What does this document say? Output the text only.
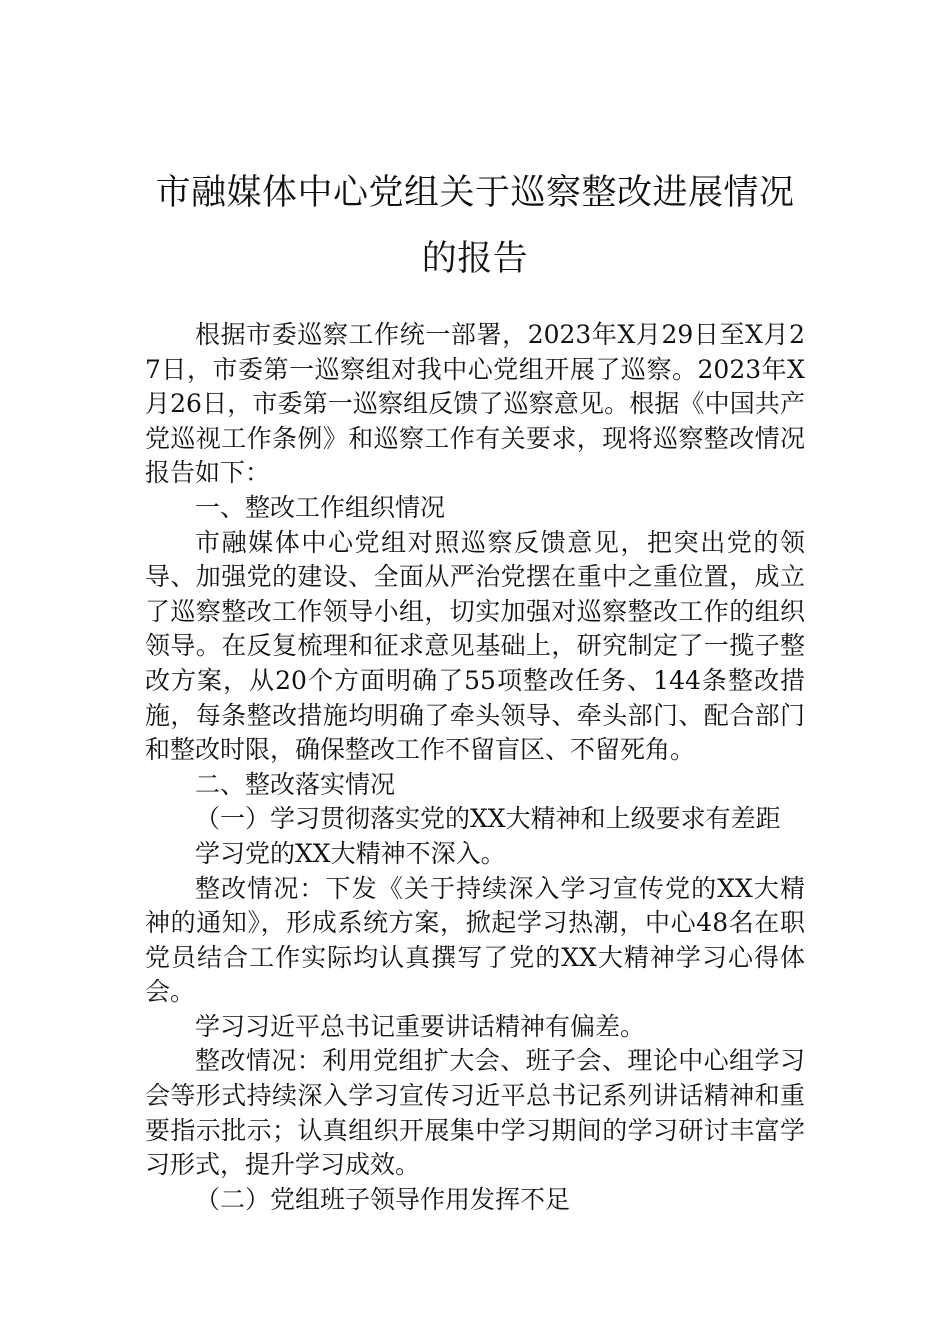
市融媒体中心党组关于巡察整改进展情况
的报告

根据市委巡察工作统一部署，2023年X月29日至X月27日，市委第一巡察组对我中心党组开展了巡察。2023年X月26日，市委第一巡察组反馈了巡察意见。根据《中国共产党巡视工作条例》和巡察工作有关要求，现将巡察整改情况报告如下：

一、整改工作组织情况

市融媒体中心党组对照巡察反馈意见，把突出党的领导、加强党的建设、全面从严治党摆在重中之重位置，成立了巡察整改工作领导小组，切实加强对巡察整改工作的组织领导。在反复梳理和征求意见基础上，研究制定了一揽子整改方案，从20个方面明确了55项整改任务、144条整改措施，每条整改措施均明确了牵头领导、牵头部门、配合部门和整改时限，确保整改工作不留盲区、不留死角。

二、整改落实情况

（一）学习贯彻落实党的XX大精神和上级要求有差距

学习党的XX大精神不深入。

整改情况：下发《关于持续深入学习宣传党的XX大精神的通知》，形成系统方案，掀起学习热潮，中心48名在职党员结合工作实际均认真撰写了党的XX大精神学习心得体会。

学习习近平总书记重要讲话精神有偏差。

整改情况：利用党组扩大会、班子会、理论中心组学习会等形式持续深入学习宣传习近平总书记系列讲话精神和重要指示批示；认真组织开展集中学习期间的学习研讨丰富学习形式，提升学习成效。

（二）党组班子领导作用发挥不足
